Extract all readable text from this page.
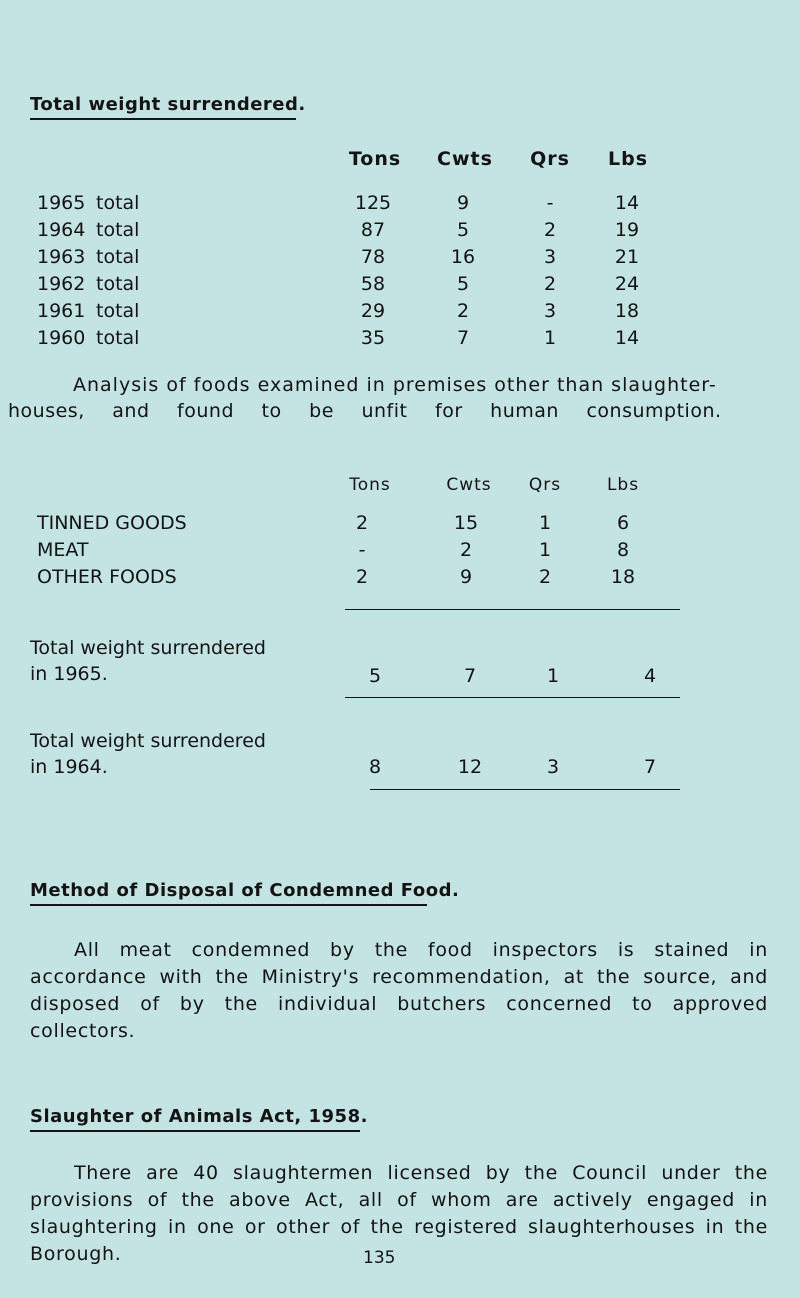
Total weight surrendered.
Tons	Cwts	Qrs	Lbs
1965 total	125	9	-	14
1964 total	87	5	2	19
1963 total	78	16	3	21
1962 total	58	5	2	24
1961 total	29	2	3	18
1960 total	35	7	1	14
Analysis of foods examined in premises other than slaughter-
houses, and found to be unfit for human consumption.
Tons	Cwts	Qrs	Lbs
TINNED GOODS	2	15	1	6
MEAT	-	2	1	8
OTHER FOODS	2	9	2	18
Total weight surrendered
in 1965.	5	7	1	4
Total weight surrendered
in 1964.	8	12	3	7
Method of Disposal of Condemned Food.
All meat condemned by the food inspectors is stained in accordance with the Ministry's recommendation, at the source, and disposed of by the individual butchers concerned to approved collectors.
Slaughter of Animals Act, 1958.
There are 40 slaughtermen licensed by the Council under the provisions of the above Act, all of whom are actively engaged in slaughtering in one or other of the registered slaughterhouses in the Borough.	135
